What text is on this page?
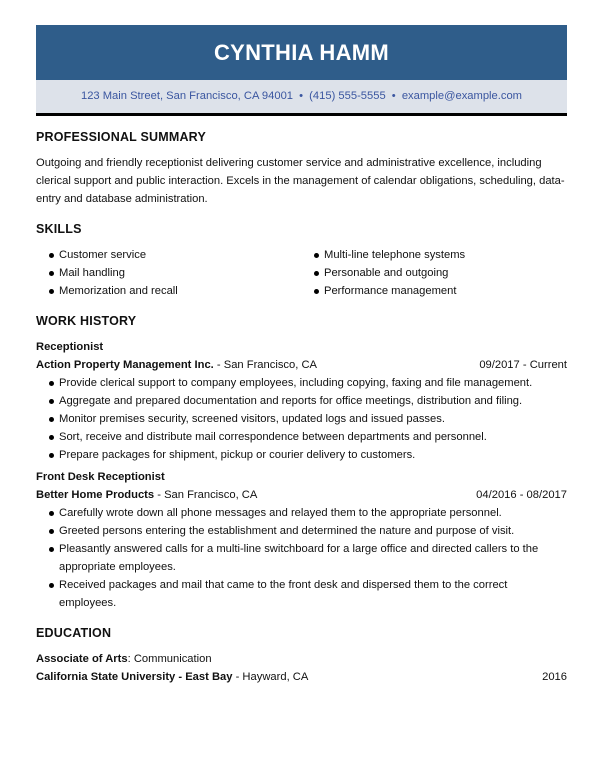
CYNTHIA HAMM
123 Main Street, San Francisco, CA 94001 • (415) 555-5555 • example@example.com
PROFESSIONAL SUMMARY

Outgoing and friendly receptionist delivering customer service and administrative excellence, including clerical support and public interaction. Excels in the management of calendar obligations, scheduling, data-entry and database administration.

SKILLS
Customer service
Mail handling
Memorization and recall
Multi-line telephone systems
Personable and outgoing
Performance management
WORK HISTORY
Receptionist
Action Property Management Inc. - San Francisco, CA	09/2017 - Current
Provide clerical support to company employees, including copying, faxing and file management.
Aggregate and prepared documentation and reports for office meetings, distribution and filing.
Monitor premises security, screened visitors, updated logs and issued passes.
Sort, receive and distribute mail correspondence between departments and personnel.
Prepare packages for shipment, pickup or courier delivery to customers.
Front Desk Receptionist
Better Home Products - San Francisco, CA	04/2016 - 08/2017
Carefully wrote down all phone messages and relayed them to the appropriate personnel.
Greeted persons entering the establishment and determined the nature and purpose of visit.
Pleasantly answered calls for a multi-line switchboard for a large office and directed callers to the appropriate employees.
Received packages and mail that came to the front desk and dispersed them to the correct employees.
EDUCATION
Associate of Arts: Communication
California State University - East Bay - Hayward, CA	2016
